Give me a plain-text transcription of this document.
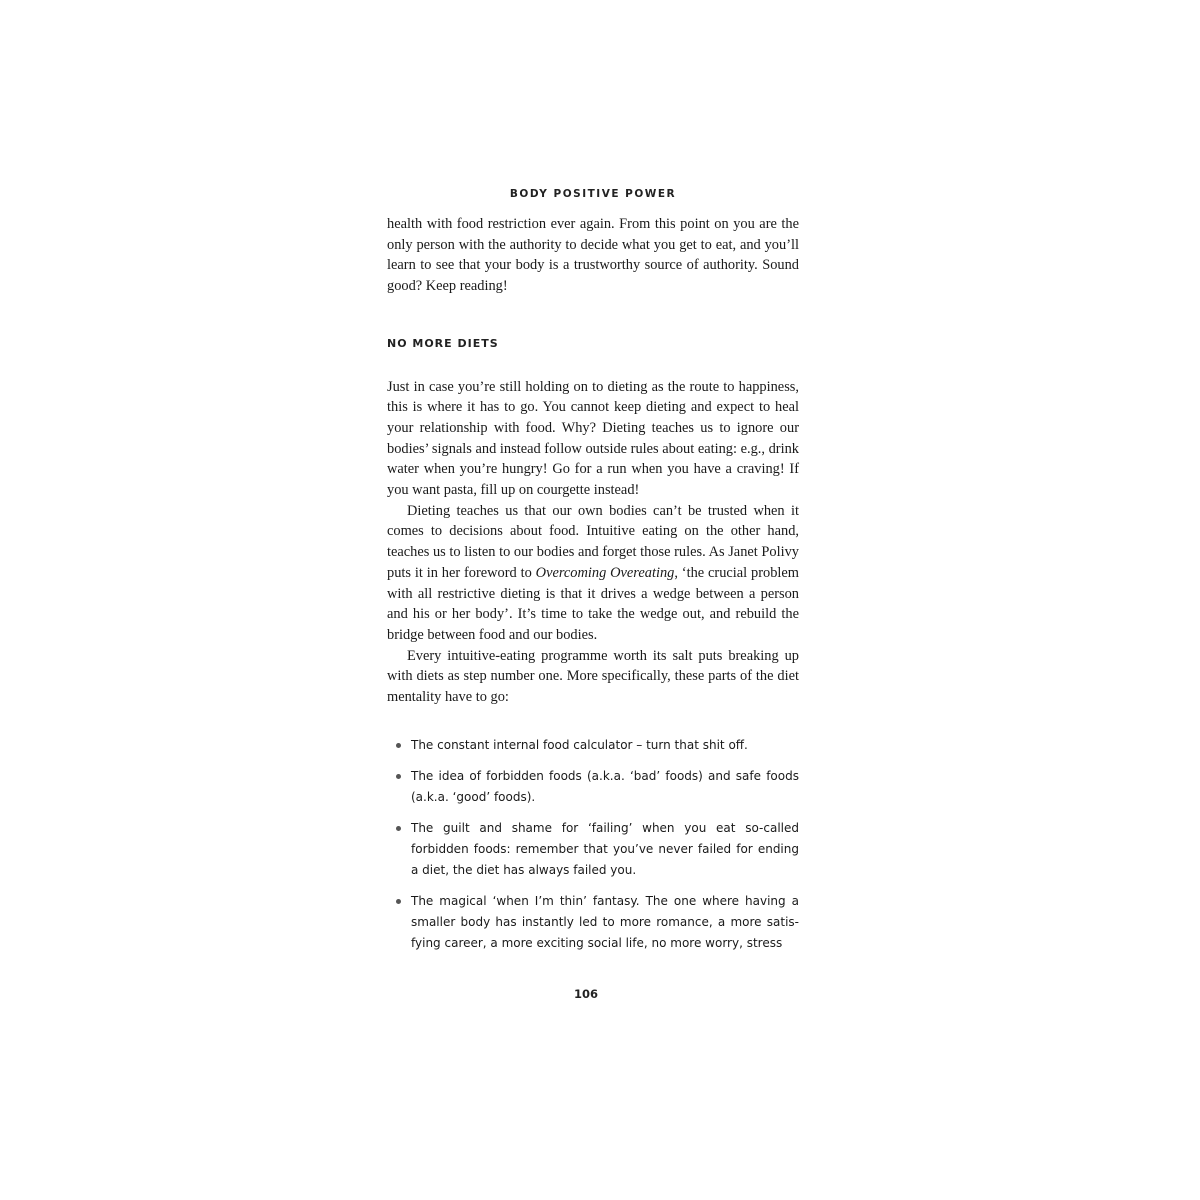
BODY POSITIVE POWER

health with food restriction ever again. From this point on you are the only person with the authority to decide what you get to eat, and you’ll learn to see that your body is a trustworthy source of authority. Sound good? Keep reading!

NO MORE DIETS

Just in case you’re still holding on to dieting as the route to happiness, this is where it has to go. You cannot keep dieting and expect to heal your relationship with food. Why? Dieting teaches us to ignore our bodies’ signals and instead follow outside rules about eating: e.g., drink water when you’re hungry! Go for a run when you have a craving! If you want pasta, fill up on courgette instead!

Dieting teaches us that our own bodies can’t be trusted when it comes to decisions about food. Intuitive eating on the other hand, teaches us to listen to our bodies and forget those rules. As Janet Polivy puts it in her foreword to Overcoming Overeating, ‘the crucial problem with all restrictive dieting is that it drives a wedge between a person and his or her body’. It’s time to take the wedge out, and rebuild the bridge between food and our bodies.

Every intuitive-eating programme worth its salt puts breaking up with diets as step number one. More specifically, these parts of the diet mentality have to go:

The constant internal food calculator – turn that shit off.
The idea of forbidden foods (a.k.a. ‘bad’ foods) and safe foods (a.k.a. ‘good’ foods).
The guilt and shame for ‘failing’ when you eat so-called forbidden foods: remember that you’ve never failed for ending a diet, the diet has always failed you.
The magical ‘when I’m thin’ fantasy. The one where having a smaller body has instantly led to more romance, a more satisfying career, a more exciting social life, no more worry, stress
106
